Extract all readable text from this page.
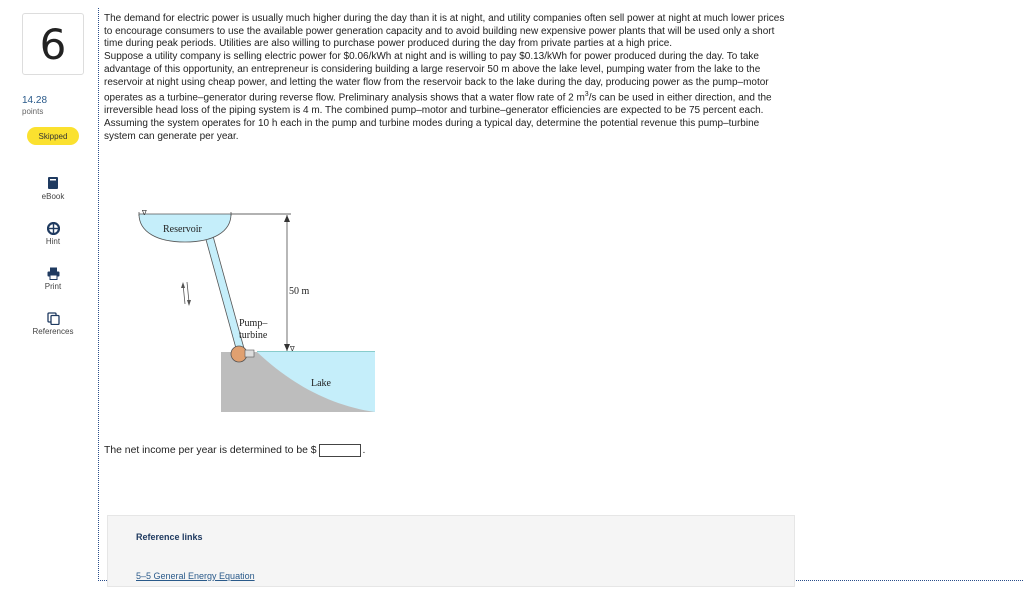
6
14.28
points
Skipped
eBook
Hint
Print
References

The demand for electric power is usually much higher during the day than it is at night, and utility companies often sell power at night at much lower prices to encourage consumers to use the available power generation capacity and to avoid building new expensive power plants that will be used only a short time during peak periods. Utilities are also willing to purchase power produced during the day from private parties at a high price.

Suppose a utility company is selling electric power for $0.06/kWh at night and is willing to pay $0.13/kWh for power produced during the day. To take advantage of this opportunity, an entrepreneur is considering building a large reservoir 50 m above the lake level, pumping water from the lake to the reservoir at night using cheap power, and letting the water flow from the reservoir back to the lake during the day, producing power as the pump–motor operates as a turbine–generator during reverse flow. Preliminary analysis shows that a water flow rate of 2 $m^3/s$ can be used in either direction, and the irreversible head loss of the piping system is 4 m. The combined pump–motor and turbine–generator efficiencies are expected to be 75 percent each. Assuming the system operates for 10 h each in the pump and turbine modes during a typical day, determine the potential revenue this pump–turbine system can generate per year.

∇
Reservoir
50 m
∇
Pump–
turbine
Lake
The net income per year is determined to be $	.
Reference links
5–5 General Energy Equation
